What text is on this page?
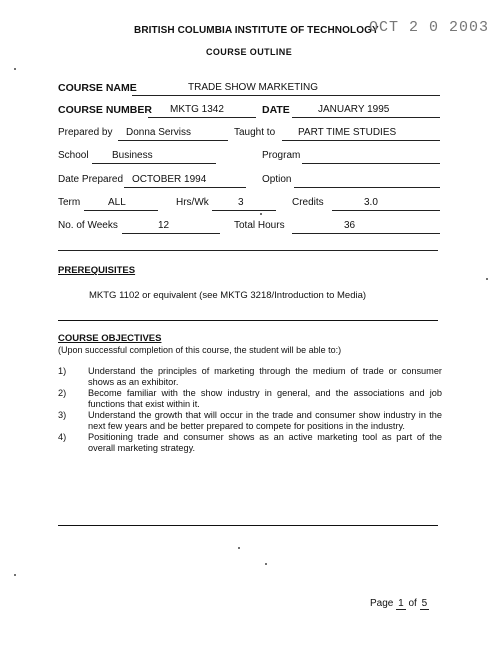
BRITISH COLUMBIA INSTITUTE OF TECHNOLOGY
OCT 2 0 2003
COURSE OUTLINE
COURSE NAME	TRADE SHOW MARKETING
COURSE NUMBER MKTG 1342	DATE	JANUARY 1995
Prepared by Donna Serviss	Taught to PART TIME STUDIES
School Business	Program
Date Prepared OCTOBER 1994	Option
Term	ALL	Hrs/Wk	3	Credits	3.0
No. of Weeks	12	Total Hours	36
PREREQUISITES
MKTG 1102 or equivalent (see MKTG 3218/Introduction to Media)
COURSE OBJECTIVES
(Upon successful completion of this course, the student will be able to:)
1) Understand the principles of marketing through the medium of trade or consumer shows as an exhibitor.
2) Become familiar with the show industry in general, and the associations and job functions that exist within it.
3) Understand the growth that will occur in the trade and consumer show industry in the next few years and be better prepared to compete for positions in the industry.
4) Positioning trade and consumer shows as an active marketing tool as part of the overall marketing strategy.
Page 1 of 5
